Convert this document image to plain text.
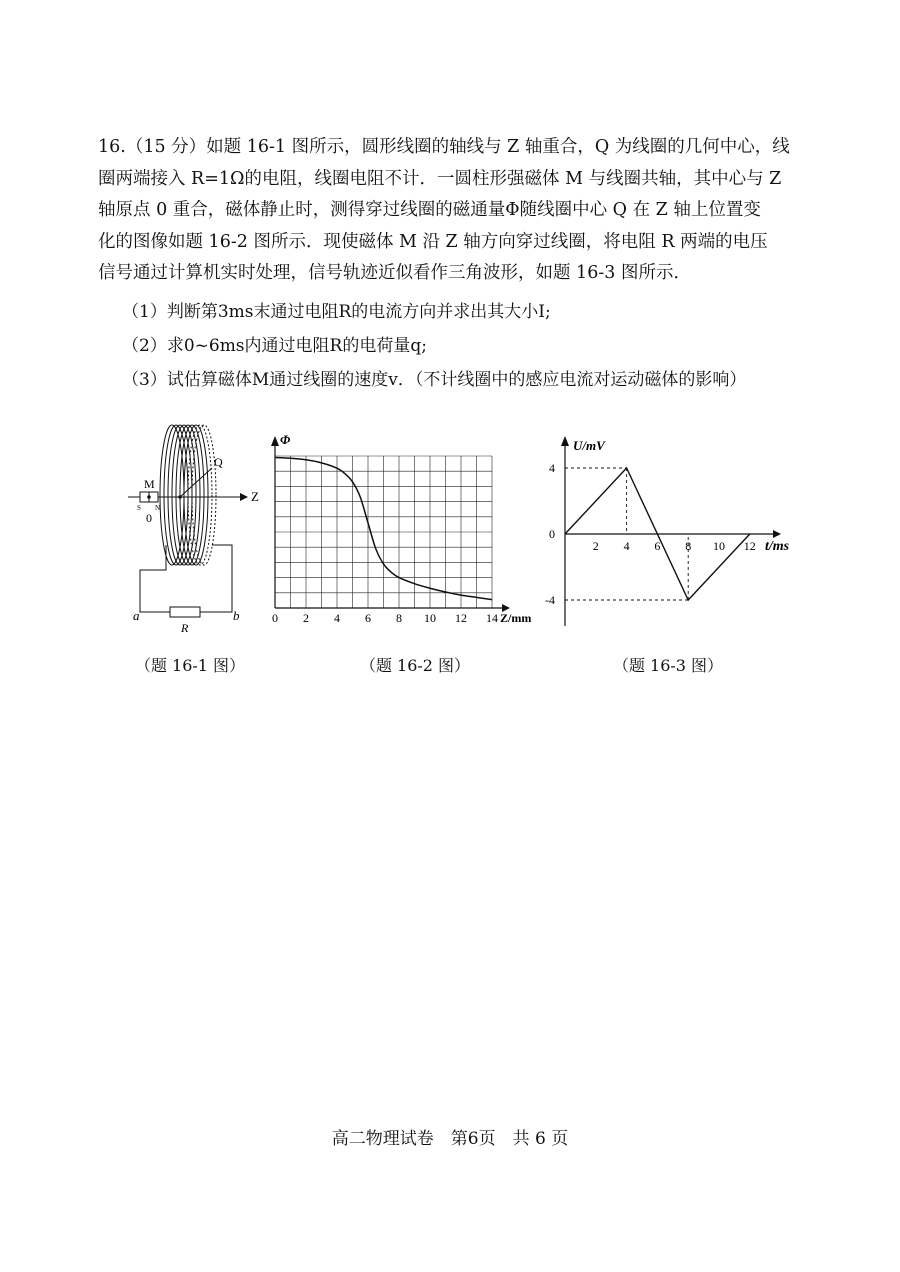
16.（15 分）如题 16-1 图所示，圆形线圈的轴线与 Z 轴重合，Q 为线圈的几何中心，线

圈两端接入 R=1Ω的电阻，线圈电阻不计．一圆柱形强磁体 M 与线圈共轴，其中心与 Z

轴原点 0 重合，磁体静止时，测得穿过线圈的磁通量Φ随线圈中心 Q 在 Z 轴上位置变

化的图像如题 16-2 图所示．现使磁体 M 沿 Z 轴方向穿过线圈，将电阻 R 两端的电压

信号通过计算机实时处理，信号轨迹近似看作三角波形，如题 16-3 图所示．

（1）判断第3ms末通过电阻R的电流方向并求出其大小I;
（2）求0~6ms内通过电阻R的电荷量q;
（3）试估算磁体M通过线圈的速度v．（不计线圈中的感应电流对运动磁体的影响）
M
Q
Z
S N
0
a	b
R
（题 16-1 图）
0 2 4 6 8 10 12 14
Φ
Z/mm
（题 16-2 图）
2 4 6 8 10 12
4
0
-4
U/mV
t/ms
（题 16-3 图）
高二物理试卷　第6页　共 6 页
